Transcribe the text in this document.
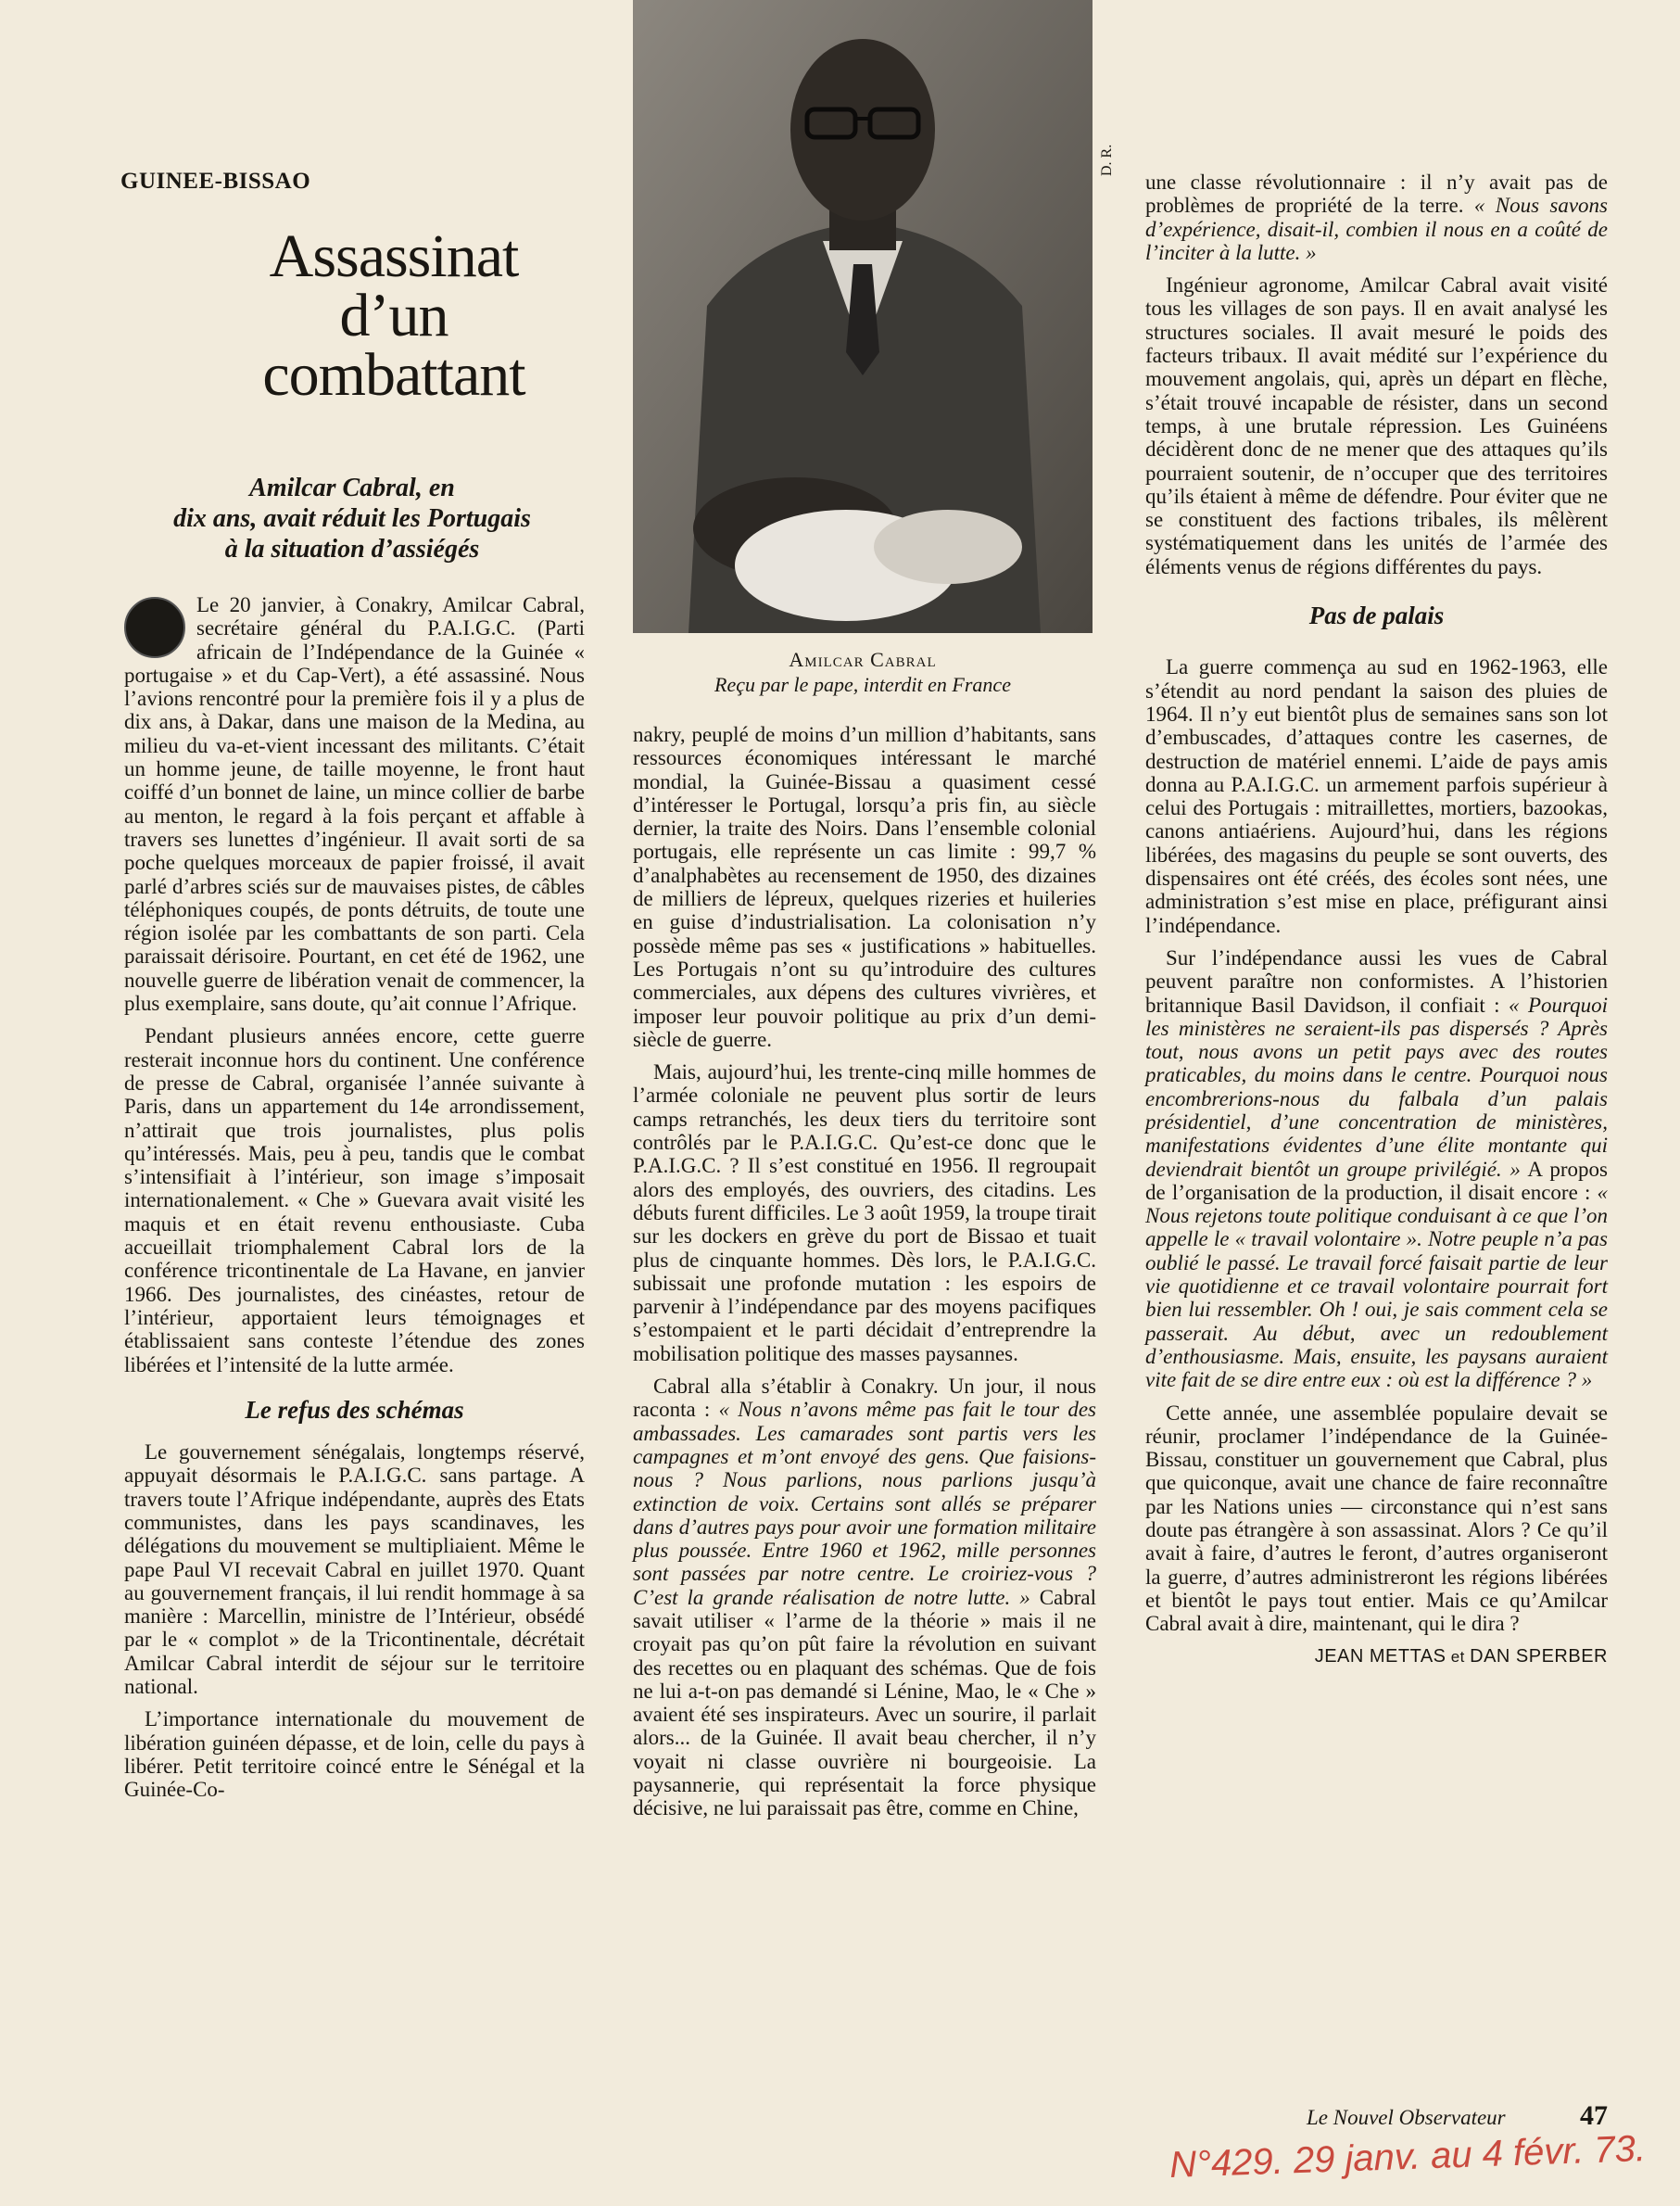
GUINEE-BISSAO
Assassinat
d’un
combattant
Amilcar Cabral, en
dix ans, avait réduit les Portugais
à la situation d’assiégés
D. R.
Amilcar Cabral
Reçu par le pape, interdit en France

Le 20 janvier, à Conakry, Amilcar Cabral, secrétaire général du P.A.I.G.C. (Parti africain de l’Indépendance de la Guinée « portugaise » et du Cap-Vert), a été assassiné. Nous l’avions rencontré pour la première fois il y a plus de dix ans, à Dakar, dans une maison de la Medina, au milieu du va-et-vient incessant des militants. C’était un homme jeune, de taille moyenne, le front haut coiffé d’un bonnet de laine, un mince collier de barbe au menton, le regard à la fois perçant et affable à travers ses lunettes d’ingénieur. Il avait sorti de sa poche quelques morceaux de papier froissé, il avait parlé d’arbres sciés sur de mauvaises pistes, de câbles téléphoniques coupés, de ponts détruits, de toute une région isolée par les combattants de son parti. Cela paraissait dérisoire. Pourtant, en cet été de 1962, une nouvelle guerre de libération venait de commencer, la plus exemplaire, sans doute, qu’ait connue l’Afrique.

Pendant plusieurs années encore, cette guerre resterait inconnue hors du continent. Une conférence de presse de Cabral, organisée l’année suivante à Paris, dans un appartement du 14e arrondissement, n’attirait que trois journalistes, plus polis qu’intéressés. Mais, peu à peu, tandis que le combat s’intensifiait à l’intérieur, son image s’imposait internationalement. « Che » Guevara avait visité les maquis et en était revenu enthousiaste. Cuba accueillait triomphalement Cabral lors de la conférence tricontinentale de La Havane, en janvier 1966. Des journalistes, des cinéastes, retour de l’intérieur, apportaient leurs témoignages et établissaient sans conteste l’étendue des zones libérées et l’intensité de la lutte armée.

Le refus des schémas

Le gouvernement sénégalais, longtemps réservé, appuyait désormais le P.A.I.G.C. sans partage. A travers toute l’Afrique indépendante, auprès des Etats communistes, dans les pays scandinaves, les délégations du mouvement se multipliaient. Même le pape Paul VI recevait Cabral en juillet 1970. Quant au gouvernement français, il lui rendit hommage à sa manière : Marcellin, ministre de l’Intérieur, obsédé par le « complot » de la Tricontinentale, décrétait Amilcar Cabral interdit de séjour sur le territoire national.

L’importance internationale du mouvement de libération guinéen dépasse, et de loin, celle du pays à libérer. Petit territoire coincé entre le Sénégal et la Guinée-Co-

nakry, peuplé de moins d’un million d’habitants, sans ressources économiques intéressant le marché mondial, la Guinée-Bissau a quasiment cessé d’intéresser le Portugal, lorsqu’a pris fin, au siècle dernier, la traite des Noirs. Dans l’ensemble colonial portugais, elle représente un cas limite : 99,7 % d’analphabètes au recensement de 1950, des dizaines de milliers de lépreux, quelques rizeries et huileries en guise d’industrialisation. La colonisation n’y possède même pas ses « justifications » habituelles. Les Portugais n’ont su qu’introduire des cultures commerciales, aux dépens des cultures vivrières, et imposer leur pouvoir politique au prix d’un demi-siècle de guerre.

Mais, aujourd’hui, les trente-cinq mille hommes de l’armée coloniale ne peuvent plus sortir de leurs camps retranchés, les deux tiers du territoire sont contrôlés par le P.A.I.G.C. Qu’est-ce donc que le P.A.I.G.C. ? Il s’est constitué en 1956. Il regroupait alors des employés, des ouvriers, des citadins. Les débuts furent difficiles. Le 3 août 1959, la troupe tirait sur les dockers en grève du port de Bissao et tuait plus de cinquante hommes. Dès lors, le P.A.I.G.C. subissait une profonde mutation : les espoirs de parvenir à l’indépendance par des moyens pacifiques s’estompaient et le parti décidait d’entreprendre la mobilisation politique des masses paysannes.

Cabral alla s’établir à Conakry. Un jour, il nous raconta : « Nous n’avons même pas fait le tour des ambassades. Les camarades sont partis vers les campagnes et m’ont envoyé des gens. Que faisions-nous ? Nous parlions, nous parlions jusqu’à extinction de voix. Certains sont allés se préparer dans d’autres pays pour avoir une formation militaire plus poussée. Entre 1960 et 1962, mille personnes sont passées par notre centre. Le croiriez-vous ? C’est la grande réalisation de notre lutte. » Cabral savait utiliser « l’arme de la théorie » mais il ne croyait pas qu’on pût faire la révolution en suivant des recettes ou en plaquant des schémas. Que de fois ne lui a-t-on pas demandé si Lénine, Mao, le « Che » avaient été ses inspirateurs. Avec un sourire, il parlait alors... de la Guinée. Il avait beau chercher, il n’y voyait ni classe ouvrière ni bourgeoisie. La paysannerie, qui représentait la force physique décisive, ne lui paraissait pas être, comme en Chine,

une classe révolutionnaire : il n’y avait pas de problèmes de propriété de la terre. « Nous savons d’expérience, disait-il, combien il nous en a coûté de l’inciter à la lutte. »

Ingénieur agronome, Amilcar Cabral avait visité tous les villages de son pays. Il en avait analysé les structures sociales. Il avait mesuré le poids des facteurs tribaux. Il avait médité sur l’expérience du mouvement angolais, qui, après un départ en flèche, s’était trouvé incapable de résister, dans un second temps, à une brutale répression. Les Guinéens décidèrent donc de ne mener que des attaques qu’ils pourraient soutenir, de n’occuper que des territoires qu’ils étaient à même de défendre. Pour éviter que ne se constituent des factions tribales, ils mêlèrent systématiquement dans les unités de l’armée des éléments venus de régions différentes du pays.

Pas de palais

La guerre commença au sud en 1962-1963, elle s’étendit au nord pendant la saison des pluies de 1964. Il n’y eut bientôt plus de semaines sans son lot d’embuscades, d’attaques contre les casernes, de destruction de matériel ennemi. L’aide de pays amis donna au P.A.I.G.C. un armement parfois supérieur à celui des Portugais : mitraillettes, mortiers, bazookas, canons antiaériens. Aujourd’hui, dans les régions libérées, des magasins du peuple se sont ouverts, des dispensaires ont été créés, des écoles sont nées, une administration s’est mise en place, préfigurant ainsi l’indépendance.

Sur l’indépendance aussi les vues de Cabral peuvent paraître non conformistes. A l’historien britannique Basil Davidson, il confiait : « Pourquoi les ministères ne seraient-ils pas dispersés ? Après tout, nous avons un petit pays avec des routes praticables, du moins dans le centre. Pourquoi nous encombrerions-nous du falbala d’un palais présidentiel, d’une concentration de ministères, manifestations évidentes d’une élite montante qui deviendrait bientôt un groupe privilégié. » A propos de l’organisation de la production, il disait encore : « Nous rejetons toute politique conduisant à ce que l’on appelle le « travail volontaire ». Notre peuple n’a pas oublié le passé. Le travail forcé faisait partie de leur vie quotidienne et ce travail volontaire pourrait fort bien lui ressembler. Oh ! oui, je sais comment cela se passerait. Au début, avec un redoublement d’enthousiasme. Mais, ensuite, les paysans auraient vite fait de se dire entre eux : où est la différence ? »

Cette année, une assemblée populaire devait se réunir, proclamer l’indépendance de la Guinée-Bissau, constituer un gouvernement que Cabral, plus que quiconque, avait une chance de faire reconnaître par les Nations unies — circonstance qui n’est sans doute pas étrangère à son assassinat. Alors ? Ce qu’il avait à faire, d’autres le feront, d’autres organiseront la guerre, d’autres administreront les régions libérées et bientôt le pays tout entier. Mais ce qu’Amilcar Cabral avait à dire, maintenant, qui le dira ?

JEAN METTAS et DAN SPERBER
Le Nouvel Observateur	47
N°429. 29 janv. au 4 févr. 73.
